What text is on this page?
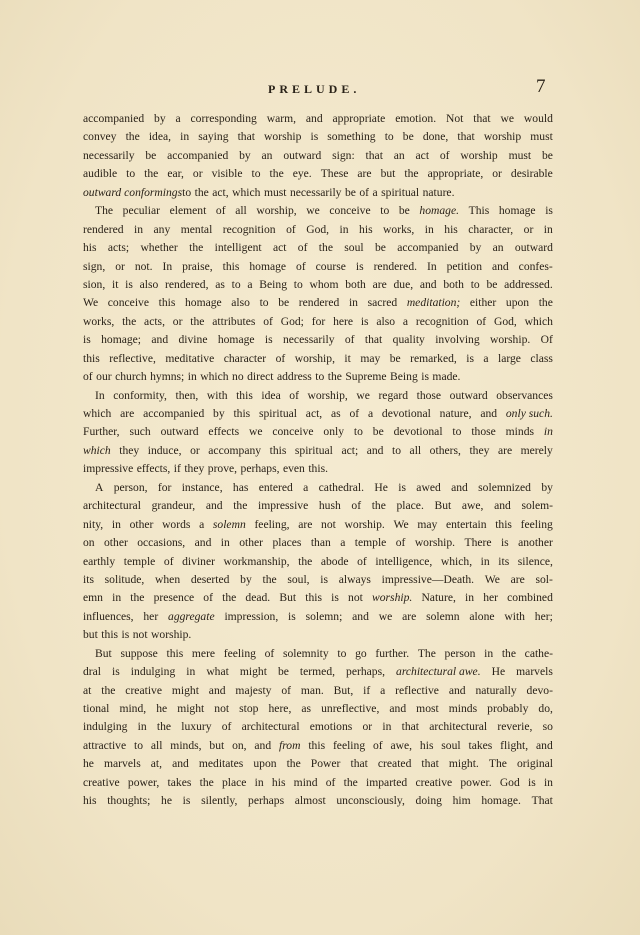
PRELUDE.	7
accompanied by a corresponding warm, and appropriate emotion. Not that we would
convey the idea, in saying that worship is something to be done, that worship must
necessarily be accompanied by an outward sign: that an act of worship must be
audible to the ear, or visible to the eye. These are but the appropriate, or desirable
outward conformings to the act, which must necessarily be of a spiritual nature.
The peculiar element of all worship, we conceive to be homage. This homage is
rendered in any mental recognition of God, in his works, in his character, or in
his acts; whether the intelligent act of the soul be accompanied by an outward
sign, or not. In praise, this homage of course is rendered. In petition and confes-
sion, it is also rendered, as to a Being to whom both are due, and both to be addressed.
We conceive this homage also to be rendered in sacred meditation; either upon the
works, the acts, or the attributes of God; for here is also a recognition of God, which
is homage; and divine homage is necessarily of that quality involving worship. Of
this reflective, meditative character of worship, it may be remarked, is a large class
of our church hymns; in which no direct address to the Supreme Being is made.
In conformity, then, with this idea of worship, we regard those outward observances
which are accompanied by this spiritual act, as of a devotional nature, and only such.
Further, such outward effects we conceive only to be devotional to those minds in
which they induce, or accompany this spiritual act; and to all others, they are merely
impressive effects, if they prove, perhaps, even this.
A person, for instance, has entered a cathedral. He is awed and solemnized by
architectural grandeur, and the impressive hush of the place. But awe, and solem-
nity, in other words a solemn feeling, are not worship. We may entertain this feeling
on other occasions, and in other places than a temple of worship. There is another
earthly temple of diviner workmanship, the abode of intelligence, which, in its silence,
its solitude, when deserted by the soul, is always impressive—Death. We are sol-
emn in the presence of the dead. But this is not worship. Nature, in her combined
influences, her aggregate impression, is solemn; and we are solemn alone with her;
but this is not worship.
But suppose this mere feeling of solemnity to go further. The person in the cathe-
dral is indulging in what might be termed, perhaps, architectural awe. He marvels
at the creative might and majesty of man. But, if a reflective and naturally devo-
tional mind, he might not stop here, as unreflective, and most minds probably do,
indulging in the luxury of architectural emotions or in that architectural reverie, so
attractive to all minds, but on, and from this feeling of awe, his soul takes flight, and
he marvels at, and meditates upon the Power that created that might. The original
creative power, takes the place in his mind of the imparted creative power. God is in
his thoughts; he is silently, perhaps almost unconsciously, doing him homage. That
